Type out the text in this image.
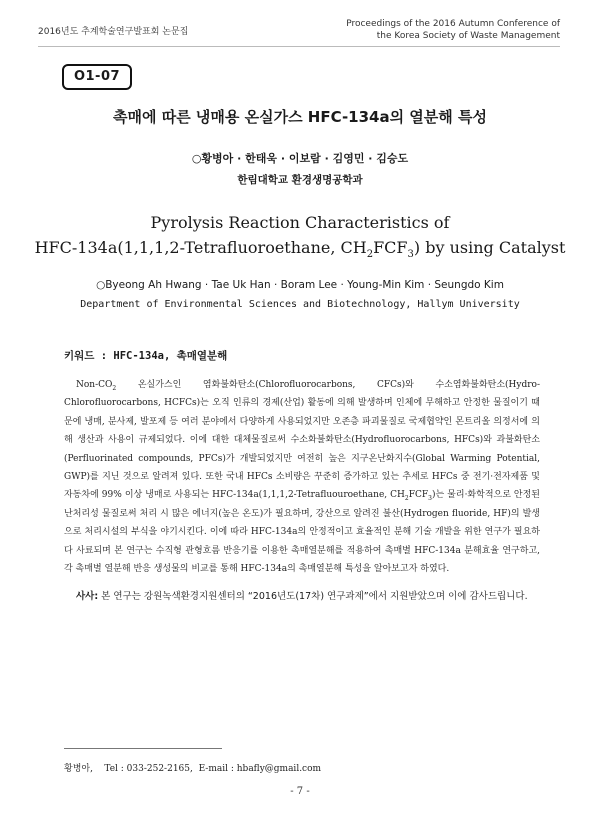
2016년도 추계학술연구발표회 논문집
Proceedings of the 2016 Autumn Conference of
the Korea Society of Waste Management
O1-07
촉매에 따른 냉매용 온실가스 HFC-134a의 열분해 특성
○황병아 · 한태욱 · 이보람 · 김영민 · 김승도
한림대학교 환경생명공학과
Pyrolysis Reaction Characteristics of
HFC-134a(1,1,1,2-Tetrafluoroethane, $CH_2FCF_3$) by using Catalyst
○Byeong Ah Hwang · Tae Uk Han · Boram Lee · Young-Min Kim · Seungdo Kim
Department of Environmental Sciences and Biotechnology, Hallym University
키워드 : HFC-134a, 촉매열분해

Non-$CO_2$ 온실가스인 염화불화탄소(Chlorofluorocarbons, CFCs)와 수소염화불화탄소(Hydro-Chlorofluorocarbons, HCFCs)는 오직 인류의 경제(산업) 활동에 의해 발생하며 인체에 무해하고 안정한 물질이기 때문에 냉매, 분사제, 발포제 등 여러 분야에서 다양하게 사용되었지만 오존층 파괴물질로 국제협약인 몬트리올 의정서에 의해 생산과 사용이 규제되었다. 이에 대한 대체물질로써 수소화불화탄소(Hydrofluorocarbons, HFCs)와 과불화탄소(Perfluorinated compounds, PFCs)가 개발되었지만 여전히 높은 지구온난화지수(Global Warming Potential, GWP)를 지닌 것으로 알려져 있다. 또한 국내 HFCs 소비량은 꾸준히 증가하고 있는 추세로 HFCs 중 전기·전자제품 및 자동차에 99% 이상 냉매로 사용되는 HFC-134a(1,1,1,2-Tetrafluouroethane, $CH_2FCF_3$)는 물리·화학적으로 안정된 난처리성 물질로써 처리 시 많은 에너지(높은 온도)가 필요하며, 강산으로 알려진 불산(Hydrogen fluoride, HF)의 발생으로 처리시설의 부식을 야기시킨다. 이에 따라 HFC-134a의 안정적이고 효율적인 분해 기술 개발을 위한 연구가 필요하다 사료되며 본 연구는 수직형 관형흐름 반응기를 이용한 촉매열분해를 적용하여 촉매별 HFC-134a 분해효율 연구하고, 각 촉매별 열분해 반응 생성물의 비교를 통해 HFC-134a의 촉매열분해 특성을 알아보고자 하였다.

사사: 본 연구는 강원녹색환경지원센터의 “2016년도(17차) 연구과제”에서 지원받았으며 이에 감사드립니다.

황병아,    Tel : 033-252-2165,  E-mail : hbafly@gmail.com
- 7 -
